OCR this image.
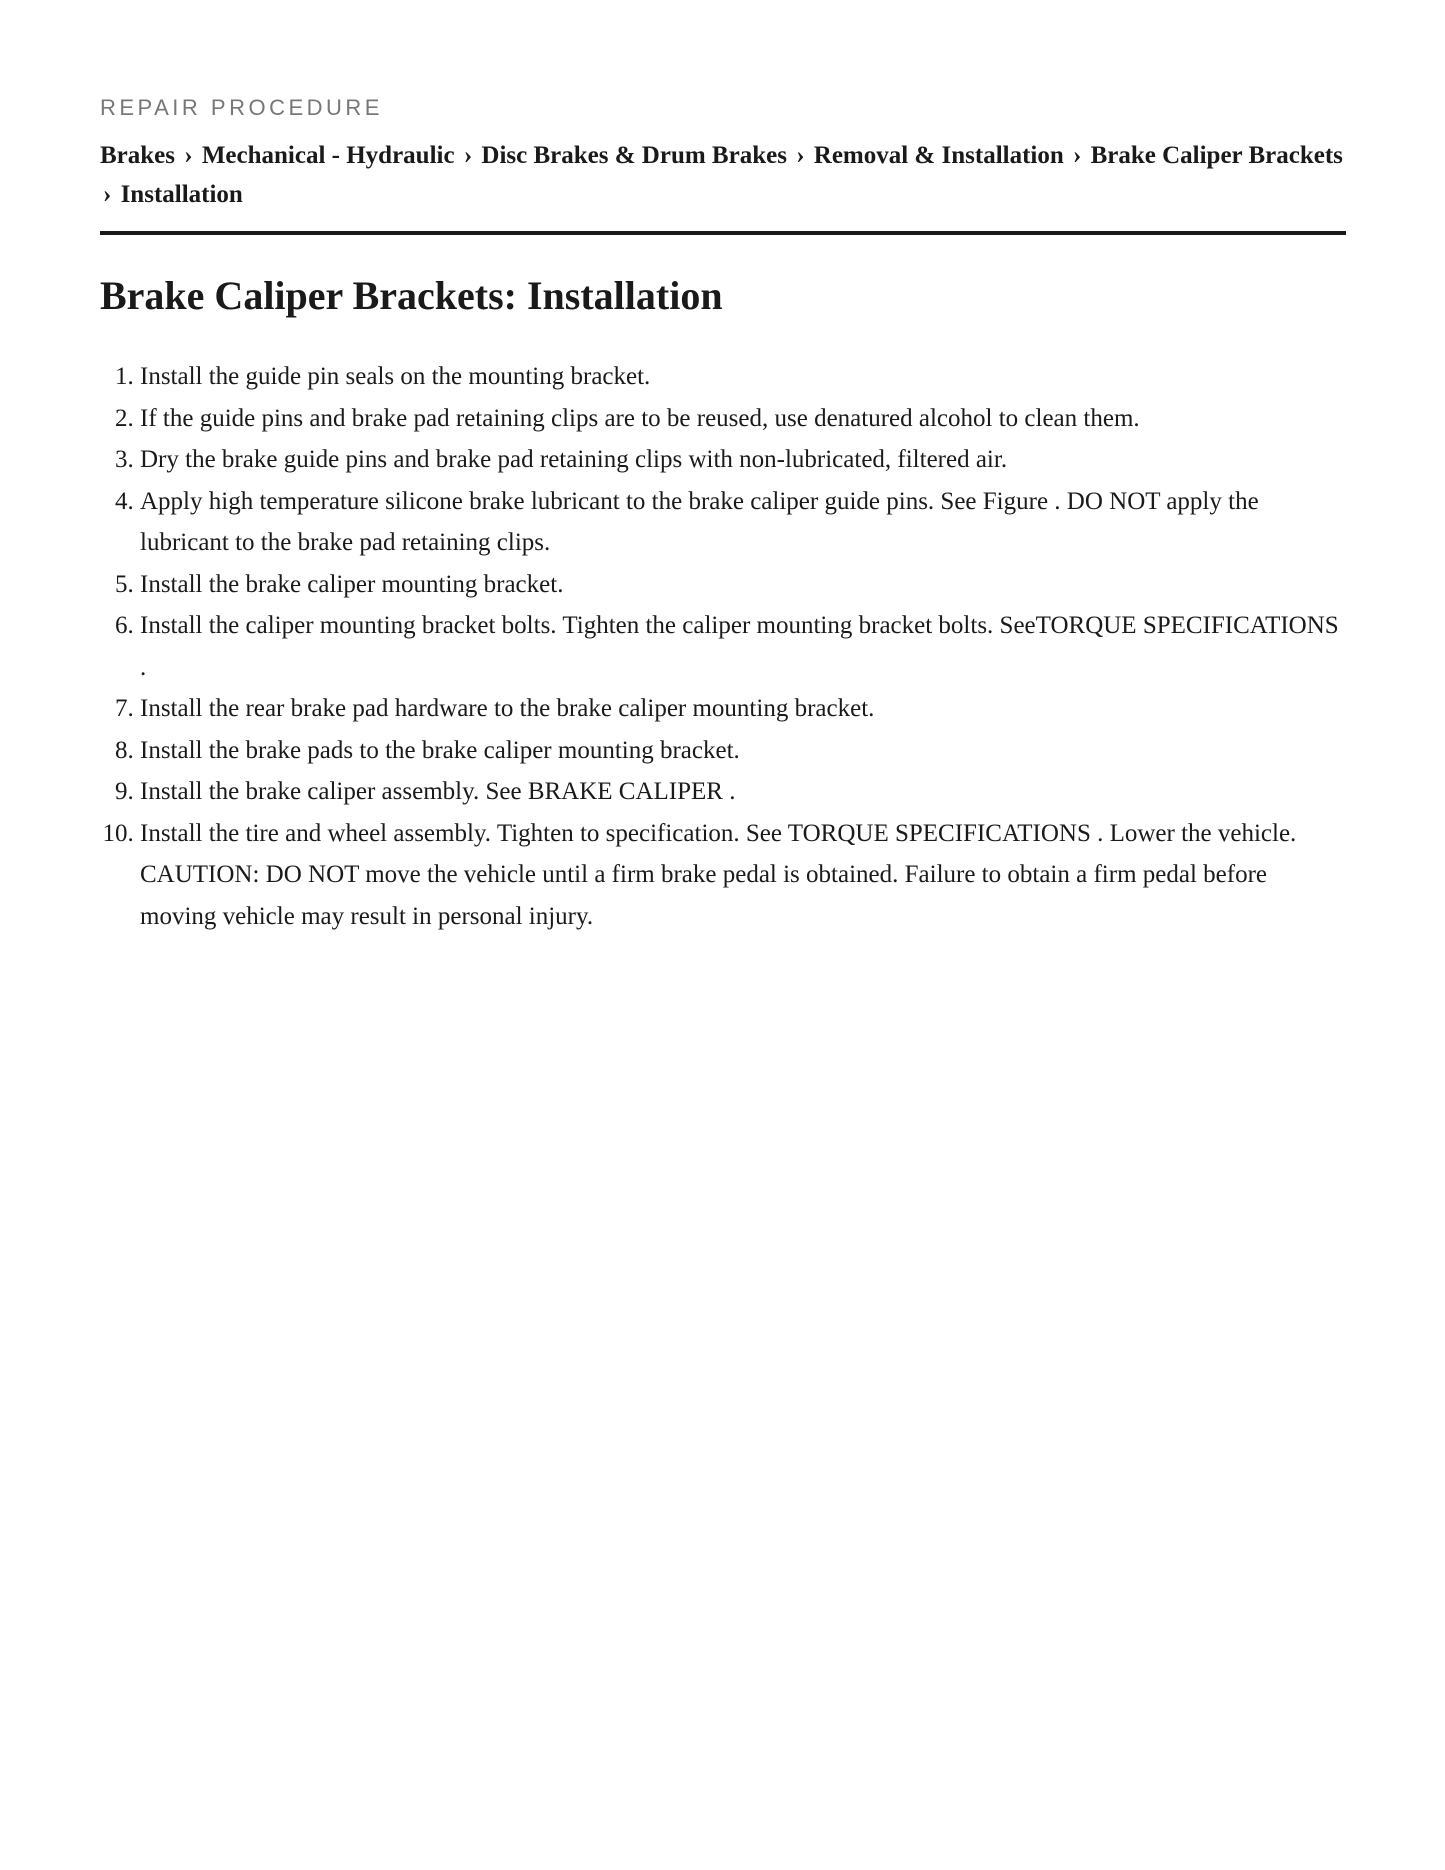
REPAIR PROCEDURE

Brakes › Mechanical - Hydraulic › Disc Brakes & Drum Brakes › Removal & Installation › Brake Caliper Brackets › Installation
Brake Caliper Brackets: Installation
1. Install the guide pin seals on the mounting bracket.
2. If the guide pins and brake pad retaining clips are to be reused, use denatured alcohol to clean them.
3. Dry the brake guide pins and brake pad retaining clips with non-lubricated, filtered air.
4. Apply high temperature silicone brake lubricant to the brake caliper guide pins. See Figure . DO NOT apply the lubricant to the brake pad retaining clips.
5. Install the brake caliper mounting bracket.
6. Install the caliper mounting bracket bolts. Tighten the caliper mounting bracket bolts. SeeTORQUE SPECIFICATIONS .
7. Install the rear brake pad hardware to the brake caliper mounting bracket.
8. Install the brake pads to the brake caliper mounting bracket.
9. Install the brake caliper assembly. See BRAKE CALIPER .
10. Install the tire and wheel assembly. Tighten to specification. See TORQUE SPECIFICATIONS . Lower the vehicle.
CAUTION: DO NOT move the vehicle until a firm brake pedal is obtained. Failure to obtain a firm pedal before moving vehicle may result in personal injury.
